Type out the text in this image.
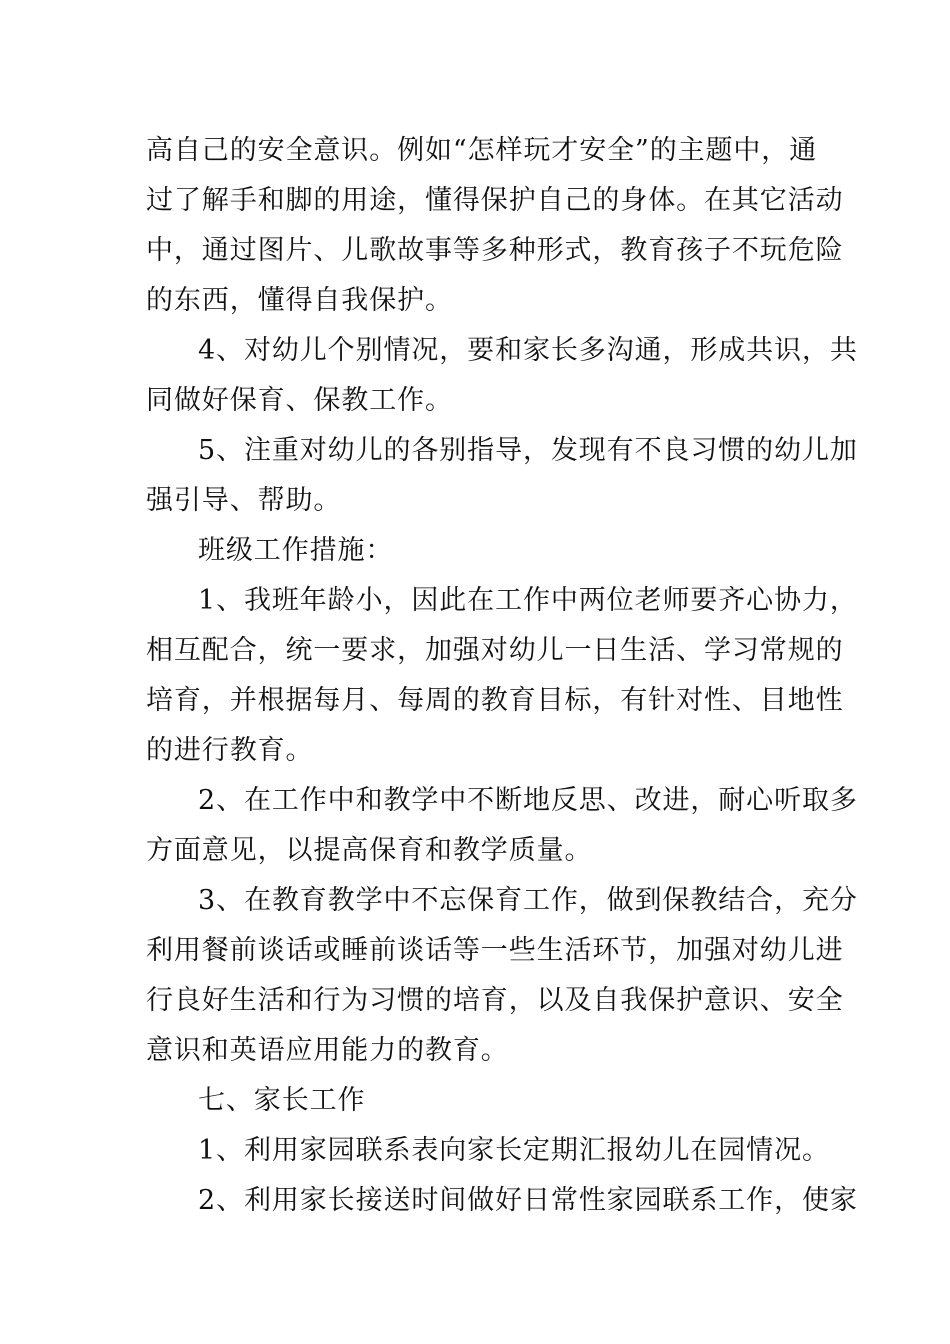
高自己的安全意识。例如“怎样玩才安全”的主题中，通
过了解手和脚的用途，懂得保护自己的身体。在其它活动
中，通过图片、儿歌故事等多种形式，教育孩子不玩危险
的东西，懂得自我保护。
4、对幼儿个别情况，要和家长多沟通，形成共识，共
同做好保育、保教工作。
5、注重对幼儿的各别指导，发现有不良习惯的幼儿加
强引导、帮助。
班级工作措施：
1、我班年龄小，因此在工作中两位老师要齐心协力，
相互配合，统一要求，加强对幼儿一日生活、学习常规的
培育，并根据每月、每周的教育目标，有针对性、目地性
的进行教育。
2、在工作中和教学中不断地反思、改进，耐心听取多
方面意见，以提高保育和教学质量。
3、在教育教学中不忘保育工作，做到保教结合，充分
利用餐前谈话或睡前谈话等一些生活环节，加强对幼儿进
行良好生活和行为习惯的培育，以及自我保护意识、安全
意识和英语应用能力的教育。
七、家长工作
1、利用家园联系表向家长定期汇报幼儿在园情况。
2、利用家长接送时间做好日常性家园联系工作，使家
